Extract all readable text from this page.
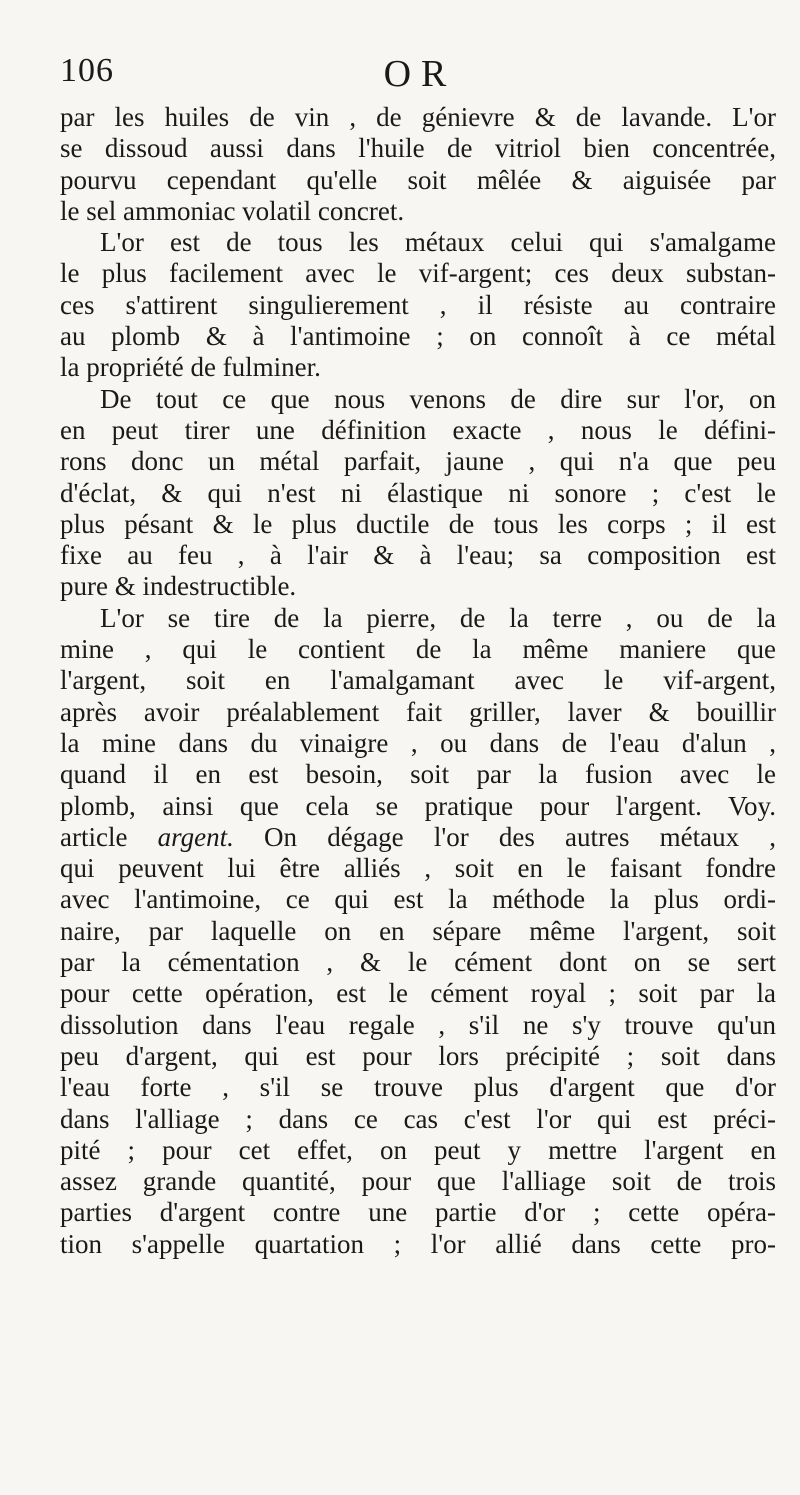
106	OR
par les huiles de vin , de génievre & de lavande. L'or
se dissoud aussi dans l'huile de vitriol bien concentrée,
pourvu cependant qu'elle soit mêlée & aiguisée par
le sel ammoniac volatil concret.
L'or est de tous les métaux celui qui s'amalgame
le plus facilement avec le vif-argent; ces deux substan-
ces s'attirent singulierement , il résiste au contraire
au plomb & à l'antimoine ; on connoît à ce métal
la propriété de fulminer.
De tout ce que nous venons de dire sur l'or, on
en peut tirer une définition exacte , nous le défini-
rons donc un métal parfait, jaune , qui n'a que peu
d'éclat, & qui n'est ni élastique ni sonore ; c'est le
plus pésant & le plus ductile de tous les corps ; il est
fixe au feu , à l'air & à l'eau; sa composition est
pure & indestructible.
L'or se tire de la pierre, de la terre , ou de la
mine , qui le contient de la même maniere que
l'argent, soit en l'amalgamant avec le vif-argent,
après avoir préalablement fait griller, laver & bouillir
la mine dans du vinaigre , ou dans de l'eau d'alun ,
quand il en est besoin, soit par la fusion avec le
plomb, ainsi que cela se pratique pour l'argent. Voy.
article argent. On dégage l'or des autres métaux ,
qui peuvent lui être alliés , soit en le faisant fondre
avec l'antimoine, ce qui est la méthode la plus ordi-
naire, par laquelle on en sépare même l'argent, soit
par la cémentation , & le cément dont on se sert
pour cette opération, est le cément royal ; soit par la
dissolution dans l'eau regale , s'il ne s'y trouve qu'un
peu d'argent, qui est pour lors précipité ; soit dans
l'eau forte , s'il se trouve plus d'argent que d'or
dans l'alliage ; dans ce cas c'est l'or qui est préci-
pité ; pour cet effet, on peut y mettre l'argent en
assez grande quantité, pour que l'alliage soit de trois
parties d'argent contre une partie d'or ; cette opéra-
tion s'appelle quartation ; l'or allié dans cette pro-
